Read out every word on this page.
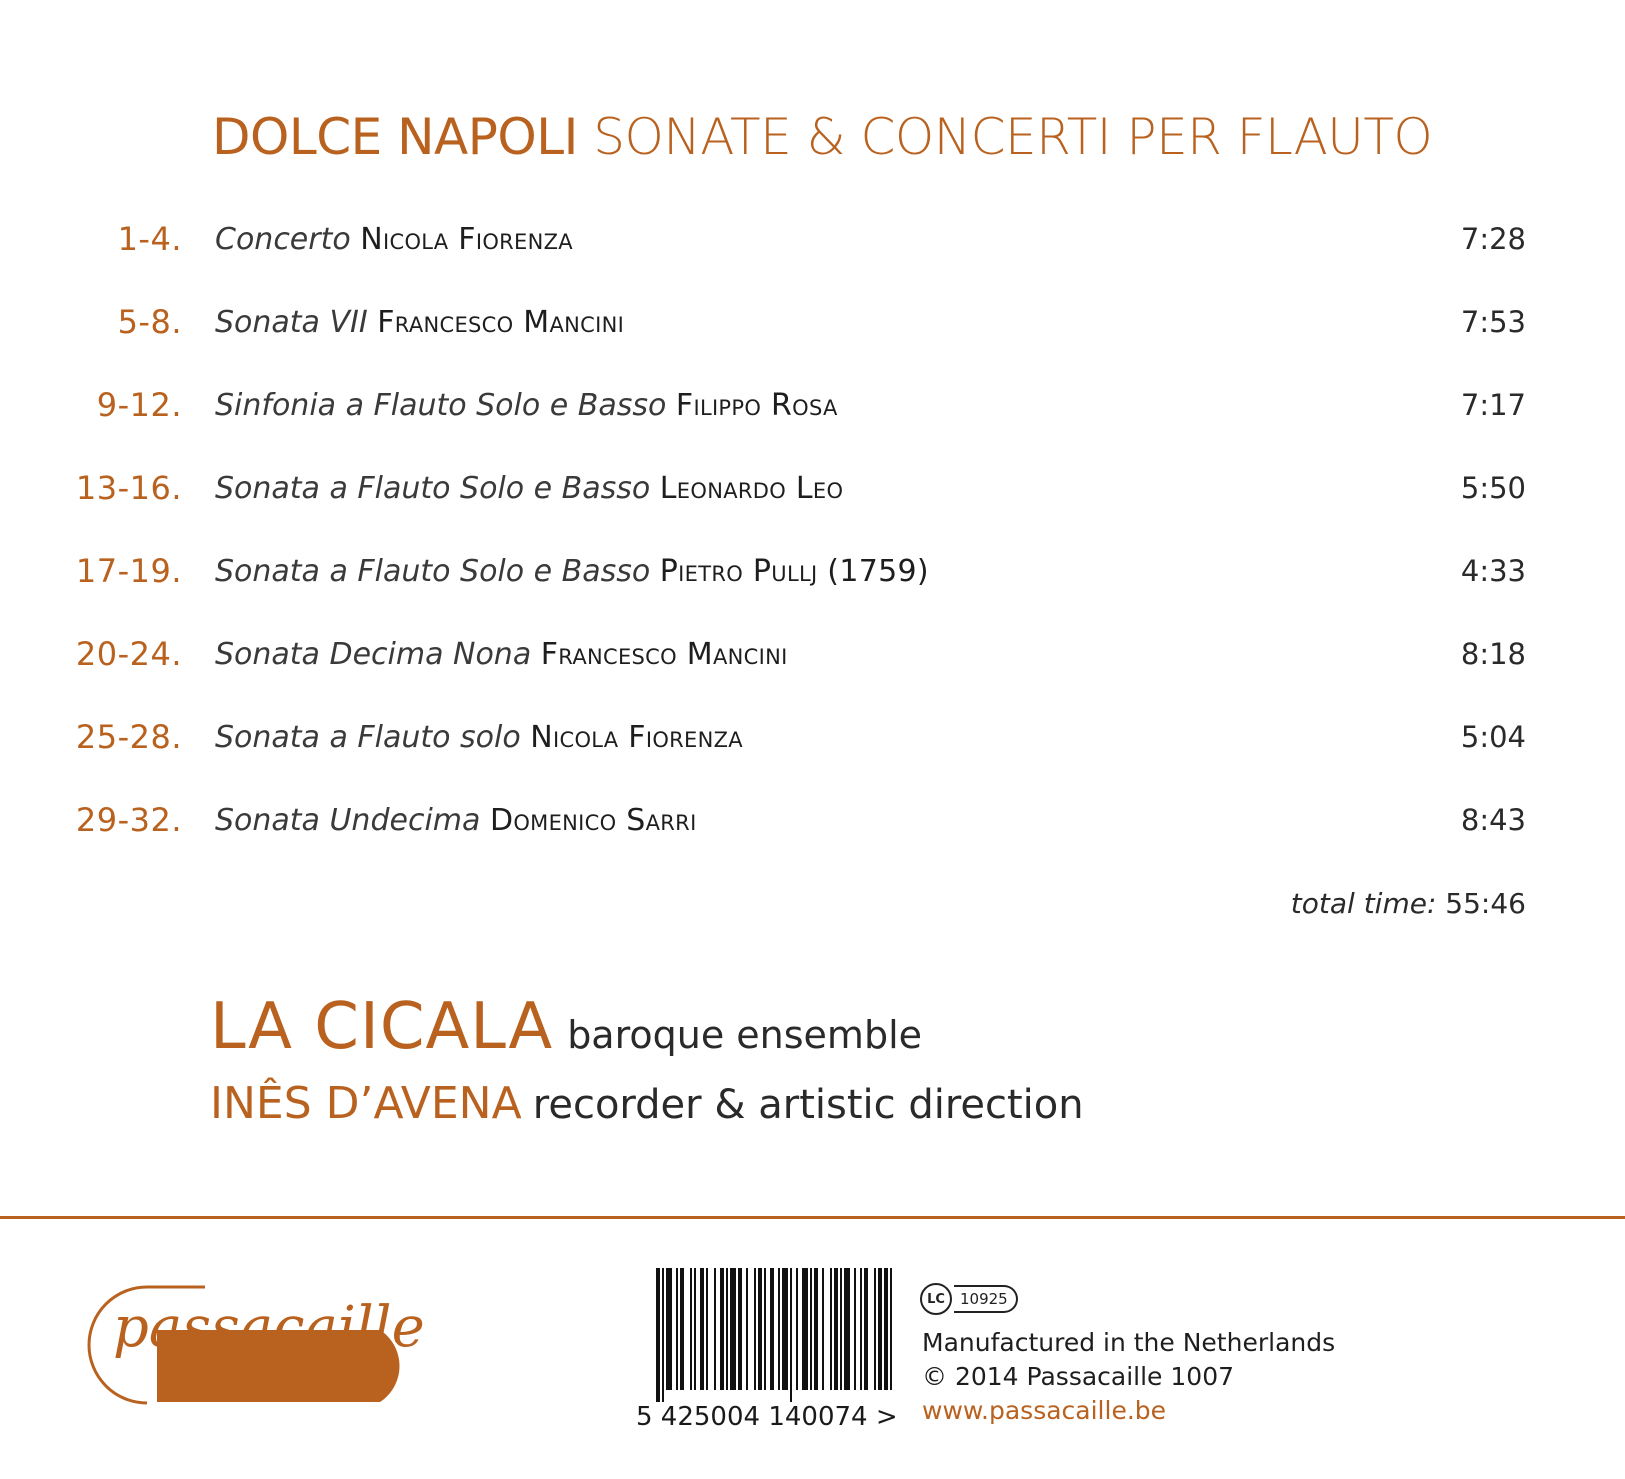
DOLCE NAPOLI SONATE & CONCERTI PER FLAUTO
1-4. Concerto Nicola Fiorenza	7:28
5-8. Sonata VII Francesco Mancini	7:53
9-12. Sinfonia a Flauto Solo e Basso Filippo Rosa	7:17
13-16. Sonata a Flauto Solo e Basso Leonardo Leo	5:50
17-19. Sonata a Flauto Solo e Basso Pietro Pullj (1759)	4:33
20-24. Sonata Decima Nona Francesco Mancini	8:18
25-28. Sonata a Flauto solo Nicola Fiorenza	5:04
29-32. Sonata Undecima Domenico Sarri	8:43
total time: 55:46
LA CICALA baroque ensemble
INÊS D’AVENA recorder & artistic direction
passacaille
5 425004 140074 >
LC	10925
Manufactured in the Netherlands
© 2014 Passacaille 1007
www.passacaille.be
